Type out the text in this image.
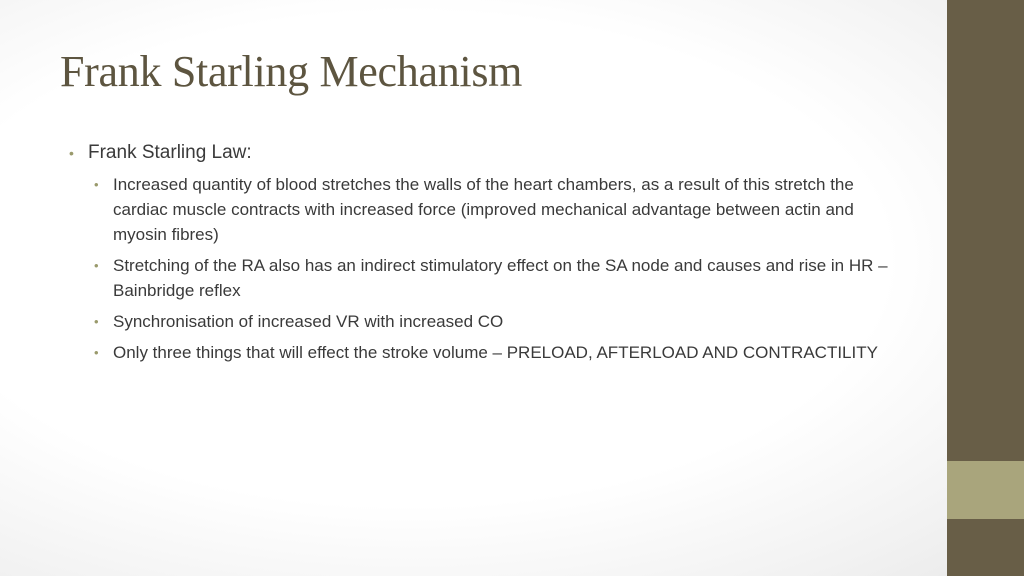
Frank Starling Mechanism
• Frank Starling Law:
• Increased quantity of blood stretches the walls of the heart chambers, as a result of this stretch the cardiac muscle contracts with increased force (improved mechanical advantage between actin and myosin fibres)
• Stretching of the RA also has an indirect stimulatory effect on the SA node and causes and rise in HR –Bainbridge reflex
• Synchronisation of increased VR with increased CO
• Only three things that will effect the stroke volume – PRELOAD, AFTERLOAD AND CONTRACTILITY
